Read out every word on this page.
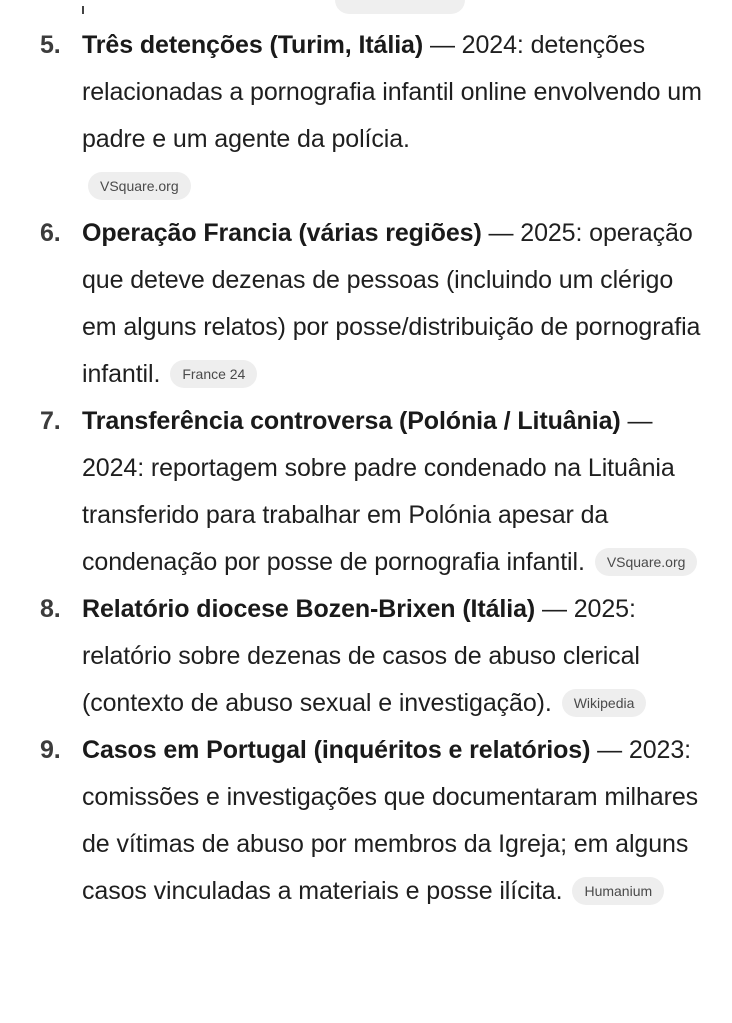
5. Três detenções (Turim, Itália) — 2024: detenções relacionadas a pornografia infantil online envolvendo um padre e um agente da polícia.
VSquare.org
6. Operação Francia (várias regiões) — 2025: operação que deteve dezenas de pessoas (incluindo um clérigo em alguns relatos) por posse/distribuição de pornografia infantil. France 24
7. Transferência controversa (Polónia / Lituânia) — 2024: reportagem sobre padre condenado na Lituânia transferido para trabalhar em Polónia apesar da condenação por posse de pornografia infantil. VSquare.org
8. Relatório diocese Bozen-Brixen (Itália) — 2025: relatório sobre dezenas de casos de abuso clerical (contexto de abuso sexual e investigação). Wikipedia
9. Casos em Portugal (inquéritos e relatórios) — 2023: comissões e investigações que documentaram milhares de vítimas de abuso por membros da Igreja; em alguns casos vinculadas a materiais e posse ilícita. Humanium
